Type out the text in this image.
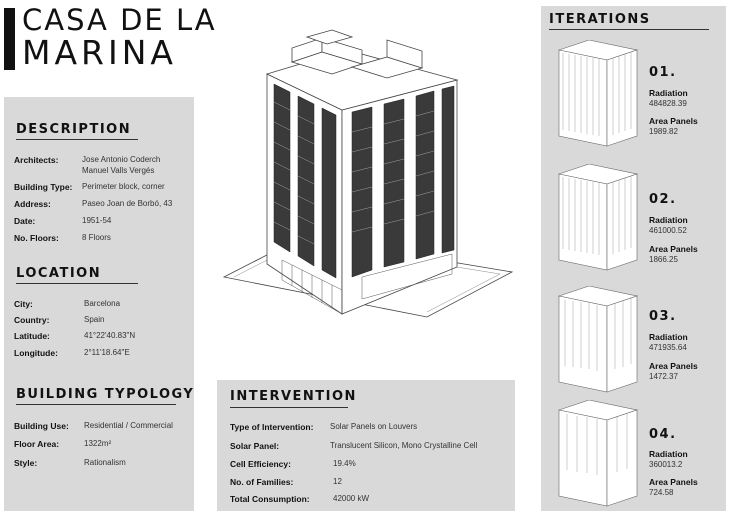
CASA DE LA
MARINA
DESCRIPTION
Architects:	Jose Antonio Coderch
Manuel Valls Vergés
Building Type: Perimeter block, corner
Address:	Paseo Joan de Borbó, 43
Date:	1951-54
No. Floors:	8 Floors
LOCATION
City:	Barcelona
Country:	Spain
Latitude:	41°22'40.83"N
Longitude:	2°11'18.64"E
BUILDING TYPOLOGY
Building Use: Residential / Commercial
Floor Area:	1322m²
Style:	Rationalism
INTERVENTION
Type of Intervention: Solar Panels on Louvers
Solar Panel:	Translucent Silicon, Mono Crystalline Cell
Cell Efficiency:	19.4%
No. of Families:	12
Total Consumption:	42000 kW
ITERATIONS
01.
Radiation
484828.39
Area Panels
1989.82
02.
Radiation
461000.52
Area Panels
1866.25
03.
Radiation
471935.64
Area Panels
1472.37
04.
Radiation
360013.2
Area Panels
724.58
